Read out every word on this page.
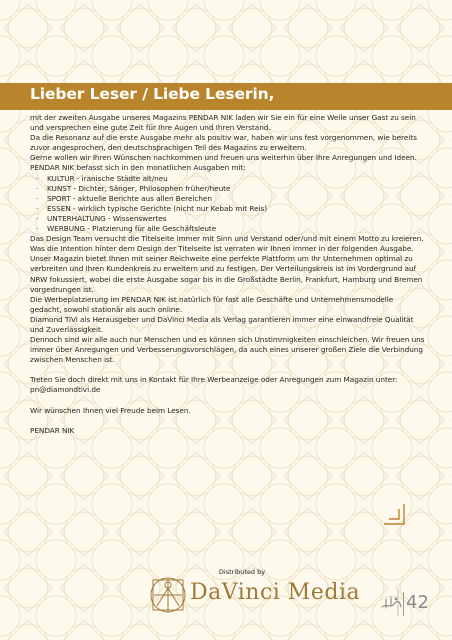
Lieber Leser / Liebe Leserin,

mit der zweiten Ausgabe unseres Magazins PENDAR NIK laden wir Sie ein für eine Weile unser Gast zu sein und versprechen eine gute Zeit für Ihre Augen und Ihren Verstand.

Da die Resonanz auf die erste Ausgabe mehr als positiv war, haben wir uns fest vorgenommen, wie bereits zuvor angesprochen, den deutschsprachigen Teil des Magazins zu erweitern.

Gerne wollen wir Ihren Wünschen nachkommen und freuen uns weiterhin über Ihre Anregungen und Ideen.

PENDAR NIK befasst sich in den monatlichen Ausgaben mit:

· KULTUR - iranische Städte alt/neu
· KUNST - Dichter, Sänger, Philosophen früher/heute
· SPORT - aktuelle Berichte aus allen Bereichen
· ESSEN - wirklich typische Gerichte (nicht nur Kebab mit Reis)
· UNTERHALTUNG - Wissenswertes
· WERBUNG - Platzierung für alle Geschäftsleute

Das Design Team versucht die Titelseite immer mit Sinn und Verstand oder/und mit einem Motto zu kreieren. Was die Intention hinter dem Design der Titelseite ist verraten wir Ihnen immer in der folgenden Ausgabe.

Unser Magazin bietet Ihnen mit seiner Reichweite eine perfekte Plattform um Ihr Unternehmen optimal zu verbreiten und Ihren Kundenkreis zu erweitern und zu festigen. Der Verteilungskreis ist im Vordergrund auf NRW fokussiert, wobei die erste Ausgabe sogar bis in die Großstädte Berlin, Frankfurt, Hamburg und Bremen vorgedrungen ist.

Die Werbeplatzierung im PENDAR NIK ist natürlich für fast alle Geschäfte und Unternehmensmodelle gedacht, sowohl stationär als auch online.

Diamond TiVi als Herausgeber und DaVinci Media als Verlag garantieren immer eine einwandfreie Qualität und Zuverlässigkeit.

Dennoch sind wir alle auch nur Menschen und es können sich Unstimmigkeiten einschleichen. Wir freuen uns immer über Anregungen und Verbesserungsvorschlägen, da auch eines unserer großen Ziele die Verbindung zwischen Menschen ist.

Treten Sie doch direkt mit uns in Kontakt für Ihre Werbeanzeige oder Anregungen zum Magazin unter: pn@diamondtivi.de

Wir wünschen Ihnen viel Freude beim Lesen.

PENDAR NIK

Distributed by
DaVinci Media	42
